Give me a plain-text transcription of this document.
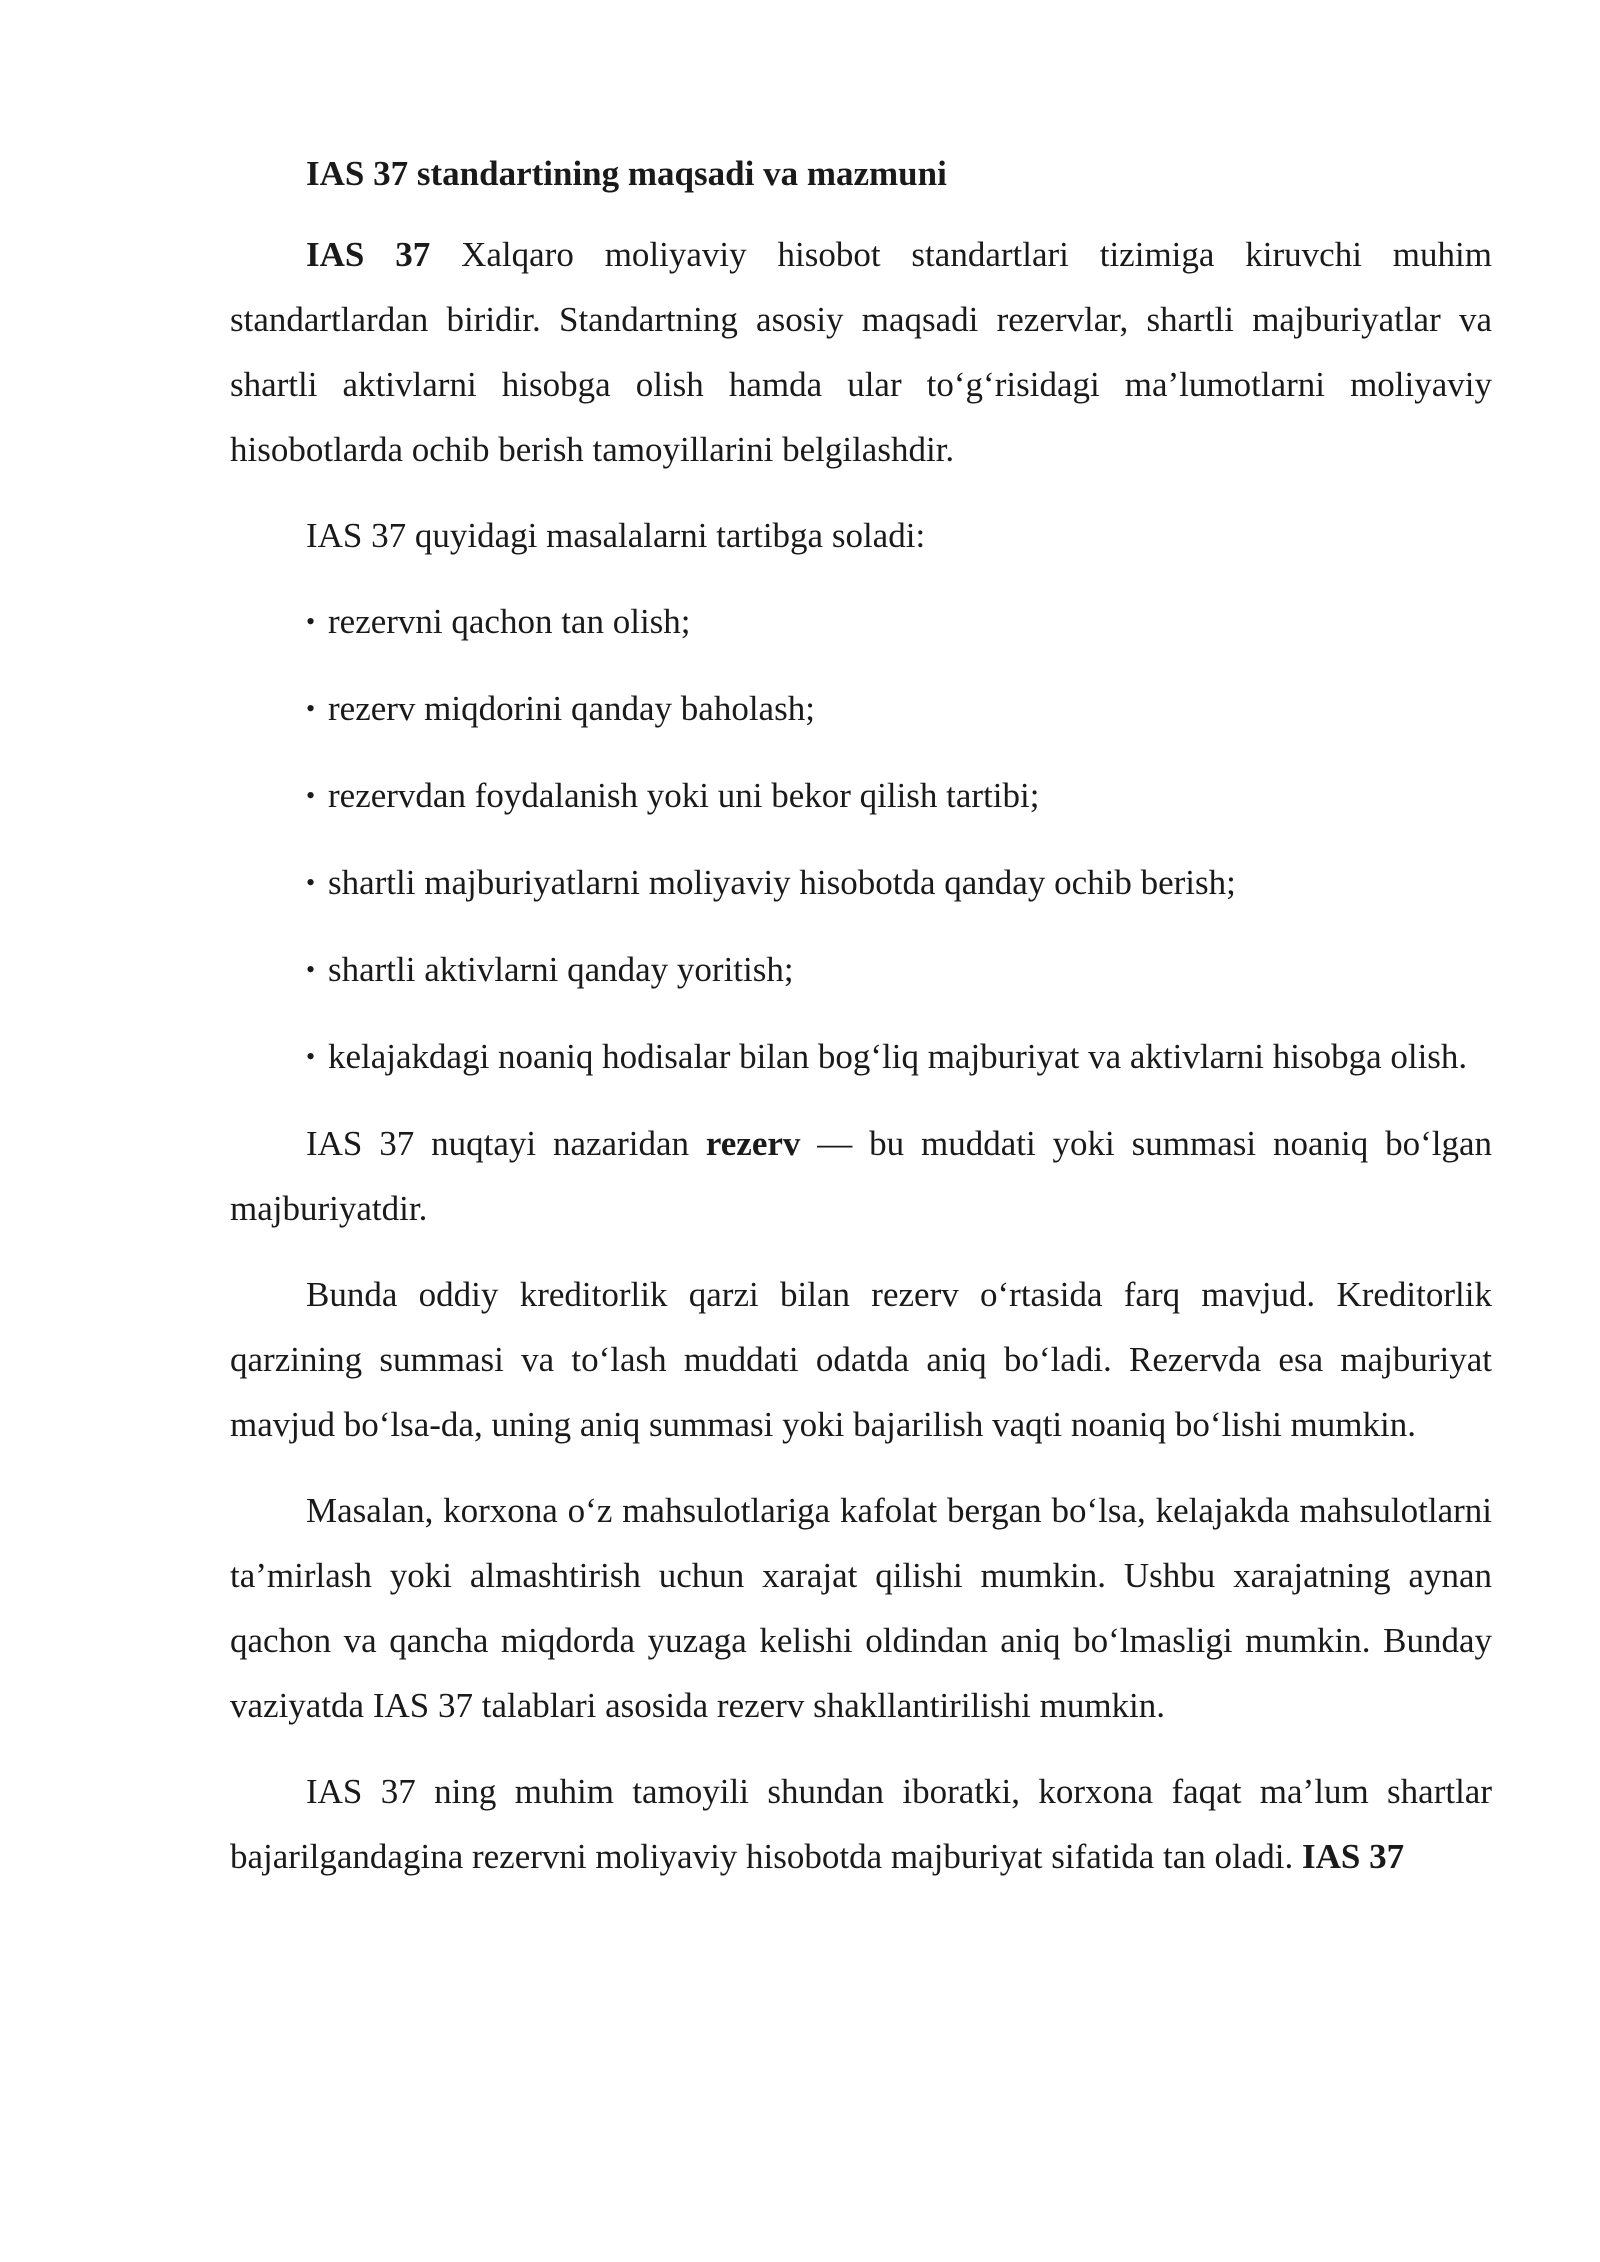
IAS 37 standartining maqsadi va mazmuni

IAS 37 Xalqaro moliyaviy hisobot standartlari tizimiga kiruvchi muhim standartlardan biridir. Standartning asosiy maqsadi rezervlar, shartli majburiyatlar va shartli aktivlarni hisobga olish hamda ular to‘g‘risidagi ma’lumotlarni moliyaviy hisobotlarda ochib berish tamoyillarini belgilashdir.

IAS 37 quyidagi masalalarni tartibga soladi:

• rezervni qachon tan olish;
• rezerv miqdorini qanday baholash;
• rezervdan foydalanish yoki uni bekor qilish tartibi;
• shartli majburiyatlarni moliyaviy hisobotda qanday ochib berish;
• shartli aktivlarni qanday yoritish;
• kelajakdagi noaniq hodisalar bilan bog‘liq majburiyat va aktivlarni hisobga olish.

IAS 37 nuqtayi nazaridan rezerv — bu muddati yoki summasi noaniq bo‘lgan majburiyatdir.

Bunda oddiy kreditorlik qarzi bilan rezerv o‘rtasida farq mavjud. Kreditorlik qarzining summasi va to‘lash muddati odatda aniq bo‘ladi. Rezervda esa majburiyat mavjud bo‘lsa-da, uning aniq summasi yoki bajarilish vaqti noaniq bo‘lishi mumkin.

Masalan, korxona o‘z mahsulotlariga kafolat bergan bo‘lsa, kelajakda mahsulotlarni ta’mirlash yoki almashtirish uchun xarajat qilishi mumkin. Ushbu xarajatning aynan qachon va qancha miqdorda yuzaga kelishi oldindan aniq bo‘lmasligi mumkin. Bunday vaziyatda IAS 37 talablari asosida rezerv shakllantirilishi mumkin.

IAS 37 ning muhim tamoyili shundan iboratki, korxona faqat ma’lum shartlar bajarilgandagina rezervni moliyaviy hisobotda majburiyat sifatida tan oladi. IAS 37
